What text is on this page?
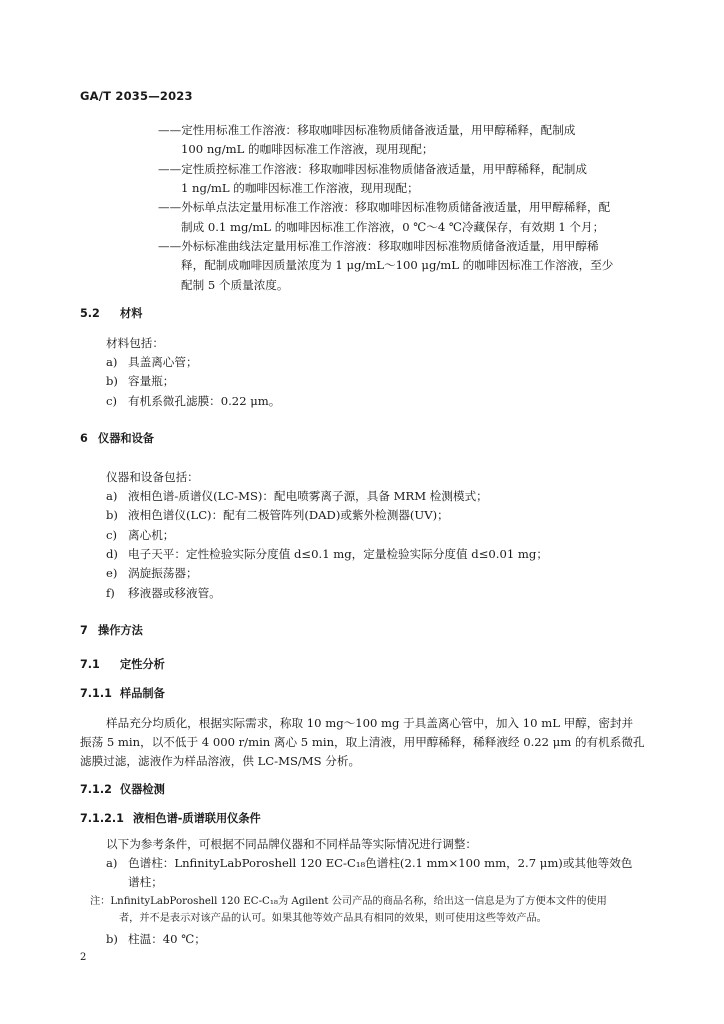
GA/T 2035—2023
——定性用标准工作溶液：移取咖啡因标准物质储备液适量，用甲醇稀释，配制成
100 ng/mL 的咖啡因标准工作溶液，现用现配；
——定性质控标准工作溶液：移取咖啡因标准物质储备液适量，用甲醇稀释，配制成
1 ng/mL 的咖啡因标准工作溶液，现用现配；
——外标单点法定量用标准工作溶液：移取咖啡因标准物质储备液适量，用甲醇稀释，配
制成 0.1 mg/mL 的咖啡因标准工作溶液，0 ℃～4 ℃冷藏保存，有效期 1 个月；
——外标标准曲线法定量用标准工作溶液：移取咖啡因标准物质储备液适量，用甲醇稀
释，配制成咖啡因质量浓度为 1 μg/mL～100 μg/mL 的咖啡因标准工作溶液，至少
配制 5 个质量浓度。
5.2 材料
材料包括：
a) 具盖离心管；
b) 容量瓶；
c) 有机系微孔滤膜：0.22 μm。
6 仪器和设备
仪器和设备包括：
a) 液相色谱-质谱仪(LC-MS)：配电喷雾离子源，具备 MRM 检测模式；
b) 液相色谱仪(LC)：配有二极管阵列(DAD)或紫外检测器(UV)；
c) 离心机；
d) 电子天平：定性检验实际分度值 d≤0.1 mg，定量检验实际分度值 d≤0.01 mg；
e) 涡旋振荡器；
f) 移液器或移液管。
7 操作方法
7.1 定性分析
7.1.1 样品制备
样品充分均质化，根据实际需求，称取 10 mg～100 mg 于具盖离心管中，加入 10 mL 甲醇，密封并
振荡 5 min，以不低于 4 000 r/min 离心 5 min，取上清液，用甲醇稀释，稀释液经 0.22 μm 的有机系微孔
滤膜过滤，滤液作为样品溶液，供 LC-MS/MS 分析。
7.1.2 仪器检测
7.1.2.1 液相色谱-质谱联用仪条件
以下为参考条件，可根据不同品牌仪器和不同样品等实际情况进行调整：
a) 色谱柱：LnfinityLabPoroshell 120 EC-C₁₈色谱柱(2.1 mm×100 mm，2.7 μm)或其他等效色
谱柱；
注：LnfinityLabPoroshell 120 EC-C₁₈为 Agilent 公司产品的商品名称，给出这一信息是为了方便本文件的使用
者，并不是表示对该产品的认可。如果其他等效产品具有相同的效果，则可使用这些等效产品。
b) 柱温：40 ℃；
2
